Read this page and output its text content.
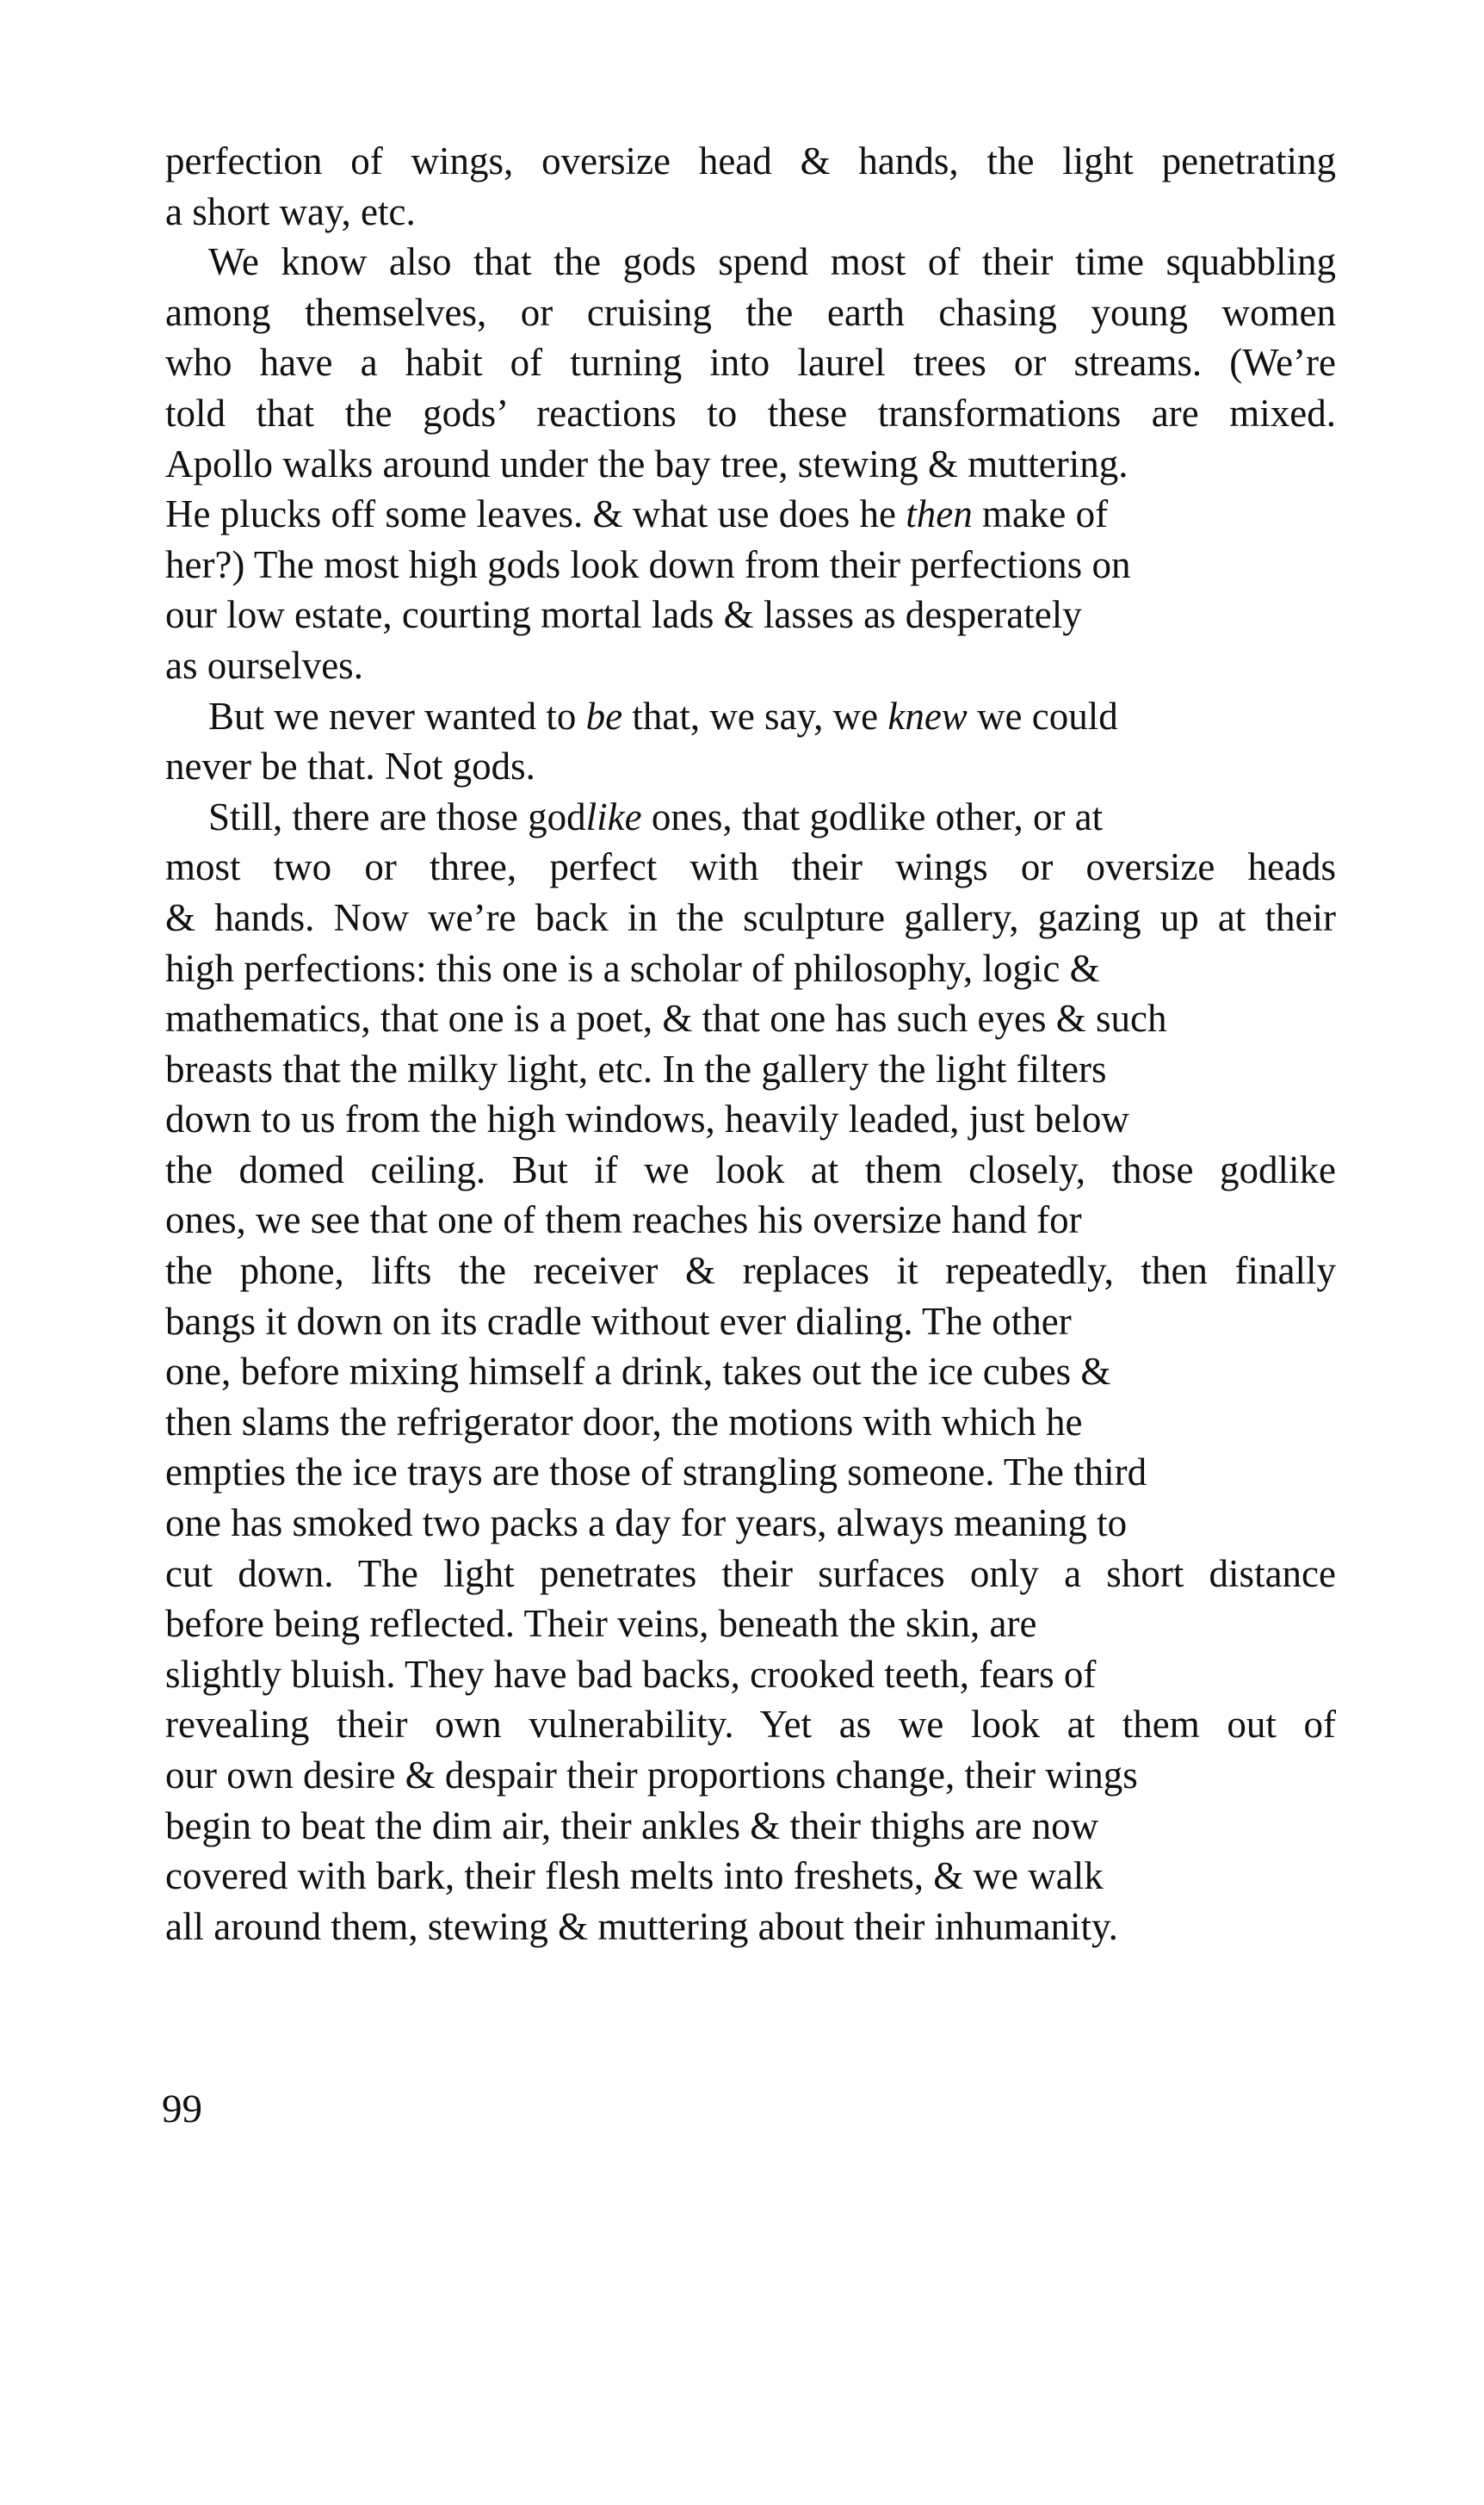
perfection of wings, oversize head & hands, the light penetrating
a short way, etc.
We know also that the gods spend most of their time squabbling
among themselves, or cruising the earth chasing young women
who have a habit of turning into laurel trees or streams. (We’re
told that the gods’ reactions to these transformations are mixed.
Apollo walks around under the bay tree, stewing & muttering.
He plucks off some leaves. & what use does he then make of
her?) The most high gods look down from their perfections on
our low estate, courting mortal lads & lasses as desperately
as ourselves.
But we never wanted to be that, we say, we knew we could
never be that. Not gods.
Still, there are those godlike ones, that godlike other, or at
most two or three, perfect with their wings or oversize heads
& hands. Now we’re back in the sculpture gallery, gazing up at their
high perfections: this one is a scholar of philosophy, logic &
mathematics, that one is a poet, & that one has such eyes & such
breasts that the milky light, etc. In the gallery the light filters
down to us from the high windows, heavily leaded, just below
the domed ceiling. But if we look at them closely, those godlike
ones, we see that one of them reaches his oversize hand for
the phone, lifts the receiver & replaces it repeatedly, then finally
bangs it down on its cradle without ever dialing. The other
one, before mixing himself a drink, takes out the ice cubes &
then slams the refrigerator door, the motions with which he
empties the ice trays are those of strangling someone. The third
one has smoked two packs a day for years, always meaning to
cut down. The light penetrates their surfaces only a short distance
before being reflected. Their veins, beneath the skin, are
slightly bluish. They have bad backs, crooked teeth, fears of
revealing their own vulnerability. Yet as we look at them out of
our own desire & despair their proportions change, their wings
begin to beat the dim air, their ankles & their thighs are now
covered with bark, their flesh melts into freshets, & we walk
all around them, stewing & muttering about their inhumanity.
99
